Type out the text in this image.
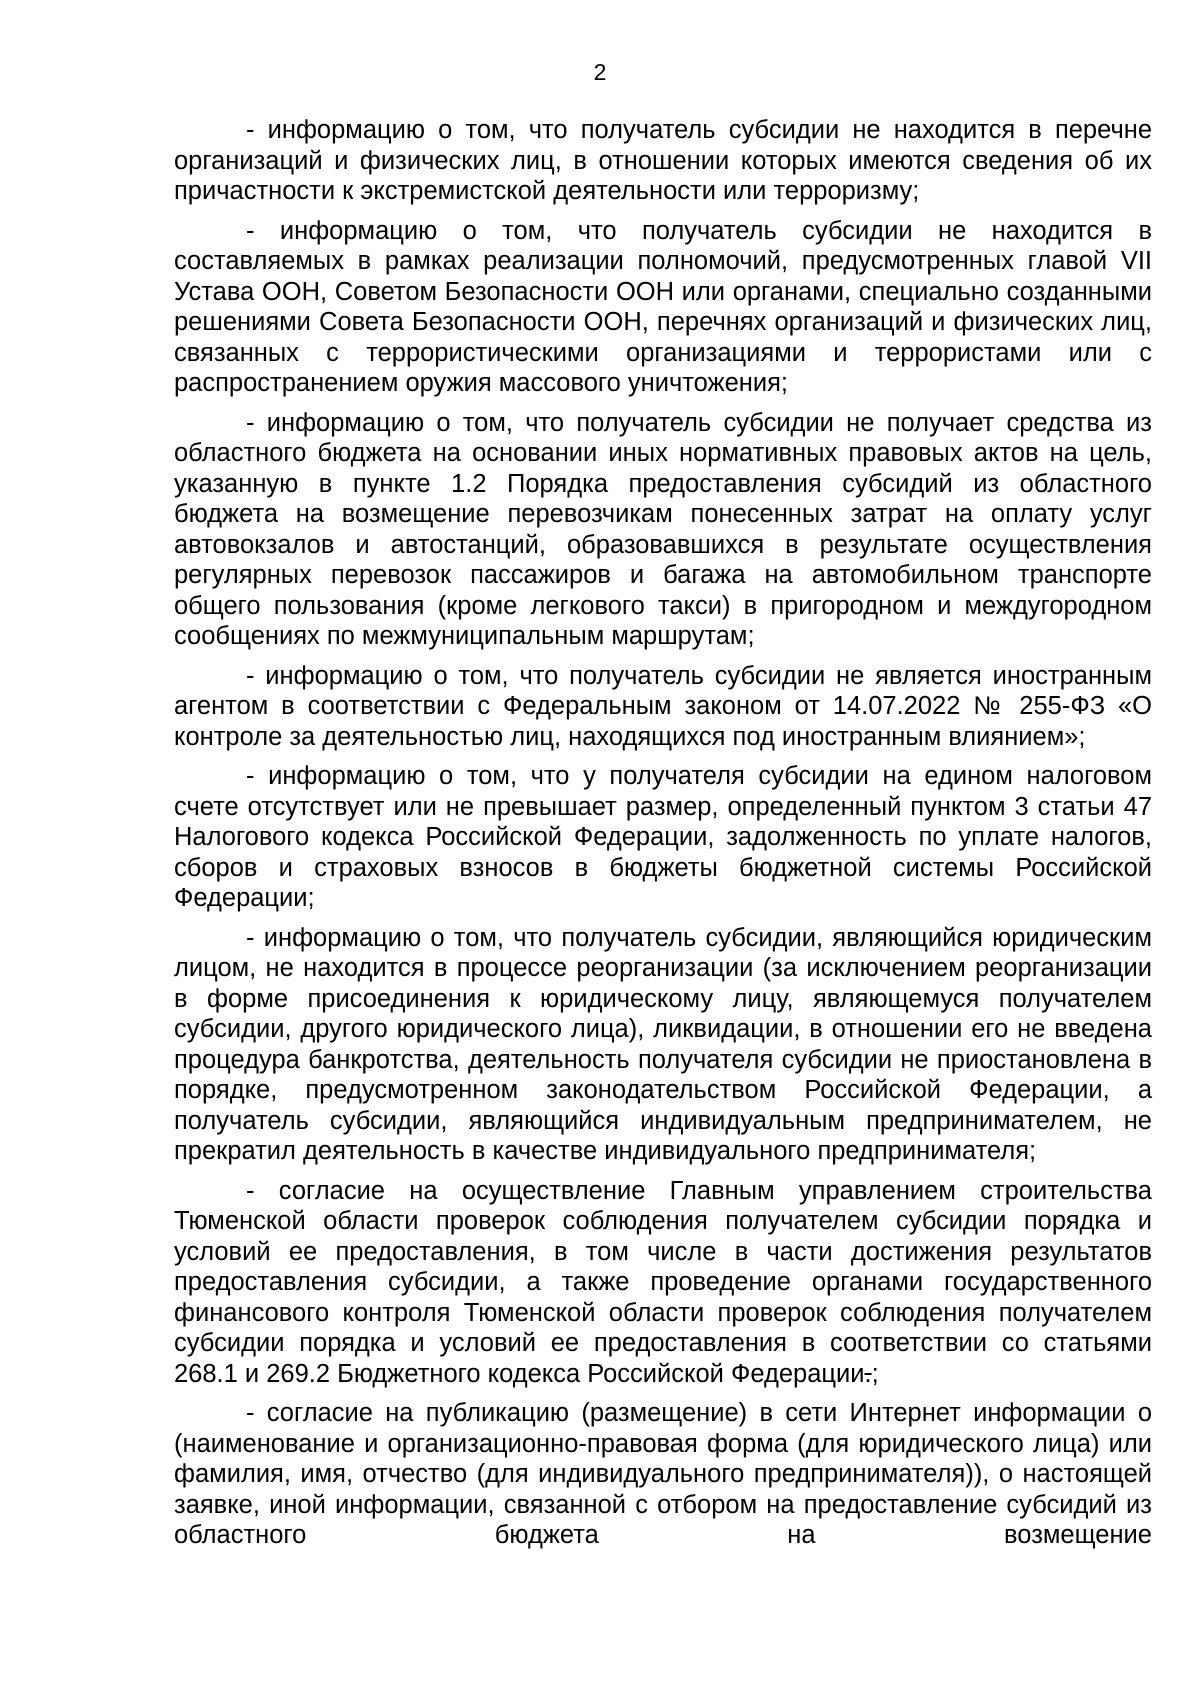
2

- информацию о том, что получатель субсидии не находится в перечне организаций и физических лиц, в отношении которых имеются сведения об их причастности к экстремистской деятельности или терроризму;

- информацию о том, что получатель субсидии не находится в составляемых в рамках реализации полномочий, предусмотренных главой VII Устава ООН, Советом Безопасности ООН или органами, специально созданными решениями Совета Безопасности ООН, перечнях организаций и физических лиц, связанных с террористическими организациями и террористами или с распространением оружия массового уничтожения;

- информацию о том, что получатель субсидии не получает средства из областного бюджета на основании иных нормативных правовых актов на цель, указанную в пункте 1.2 Порядка предоставления субсидий из областного бюджета на возмещение перевозчикам понесенных затрат на оплату услуг автовокзалов и автостанций, образовавшихся в результате осуществления регулярных перевозок пассажиров и багажа на автомобильном транспорте общего пользования (кроме легкового такси) в пригородном и междугородном сообщениях по межмуниципальным маршрутам;

- информацию о том, что получатель субсидии не является иностранным агентом в соответствии с Федеральным законом от 14.07.2022 № 255-ФЗ «О контроле за деятельностью лиц, находящихся под иностранным влиянием»;

- информацию о том, что у получателя субсидии на едином налоговом счете отсутствует или не превышает размер, определенный пунктом 3 статьи 47 Налогового кодекса Российской Федерации, задолженность по уплате налогов, сборов и страховых взносов в бюджеты бюджетной системы Российской Федерации;

- информацию о том, что получатель субсидии, являющийся юридическим лицом, не находится в процессе реорганизации (за исключением реорганизации в форме присоединения к юридическому лицу, являющемуся получателем субсидии, другого юридического лица), ликвидации, в отношении его не введена процедура банкротства, деятельность получателя субсидии не приостановлена в порядке, предусмотренном законодательством Российской Федерации, а получатель субсидии, являющийся индивидуальным предпринимателем, не прекратил деятельность в качестве индивидуального предпринимателя;

- согласие на осуществление Главным управлением строительства Тюменской области проверок соблюдения получателем субсидии порядка и условий ее предоставления, в том числе в части достижения результатов предоставления субсидии, а также проведение органами государственного финансового контроля Тюменской области проверок соблюдения получателем субсидии порядка и условий ее предоставления в соответствии со статьями 268.1 и 269.2 Бюджетного кодекса Российской Федерации.;

- согласие на публикацию (размещение) в сети Интернет информации о (наименование и организационно-правовая форма (для юридического лица) или фамилия, имя, отчество (для индивидуального предпринимателя)), о настоящей заявке, иной информации, связанной с отбором на предоставление субсидий из областного бюджета на возмещение
